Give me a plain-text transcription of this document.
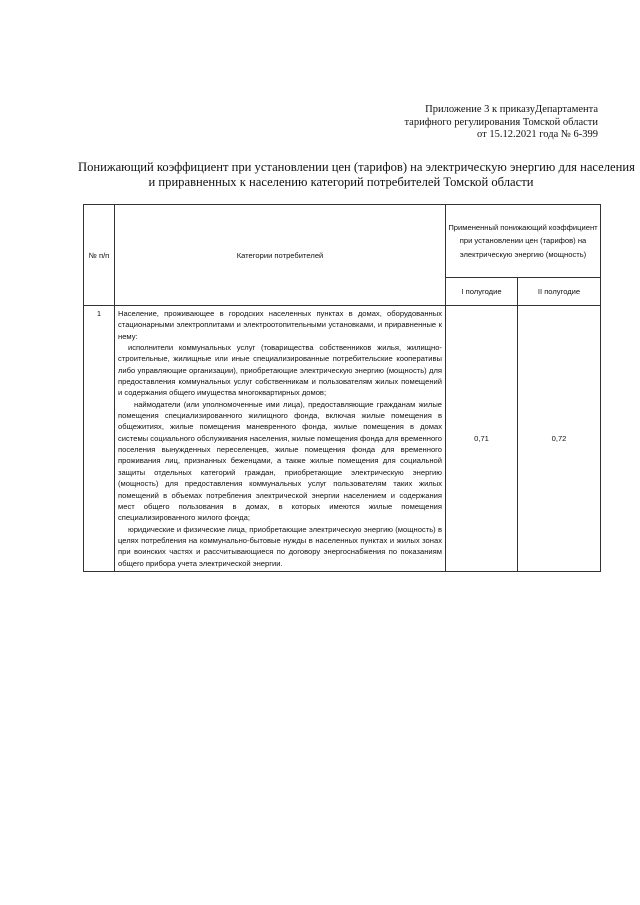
Приложение 3 к приказуДепартамента
тарифного регулирования Томской области
от 15.12.2021 года № 6-399
Понижающий коэффициент при установлении цен (тарифов) на электрическую энергию для населения
и приравненных к населению категорий потребителей Томской области
№ п/п	Категории потребителей	Примененный понижающий коэффициент при установлении цен (тарифов) на электрическую энергию (мощность)	
		I полугодие	II полугодие
1	Население, проживающее в городских населенных пунктах в домах, оборудованных стационарными электроплитами и электроотопительными установками, и приравненные к нему:

исполнители коммунальных услуг (товарищества собственников жилья, жилищно-строительные, жилищные или иные специализированные потребительские кооперативы либо управляющие организации), приобретающие электрическую энергию (мощность) для предоставления коммунальных услуг собственникам и пользователям жилых помещений и содержания общего имущества многоквартирных домов;

наймодатели (или уполномоченные ими лица), предоставляющие гражданам жилые помещения специализированного жилищного фонда, включая жилые помещения в общежитиях, жилые помещения маневренного фонда, жилые помещения в домах системы социального обслуживания населения, жилые помещения фонда для временного поселения вынужденных переселенцев, жилые помещения фонда для временного проживания лиц, признанных беженцами, а также жилые помещения для социальной защиты отдельных категорий граждан, приобретающие электрическую энергию (мощность) для предоставления коммунальных услуг пользователям таких жилых помещений в объемах потребления электрической энергии населением и содержания мест общего пользования в домах, в которых имеются жилые помещения специализированного жилого фонда;

юридические и физические лица, приобретающие электрическую энергию (мощность) в целях потребления на коммунально-бытовые нужды в населенных пунктах и жилых зонах при воинских частях и рассчитывающиеся по договору энергоснабжения по показаниям общего прибора учета электрической энергии.	0,71	0,72
